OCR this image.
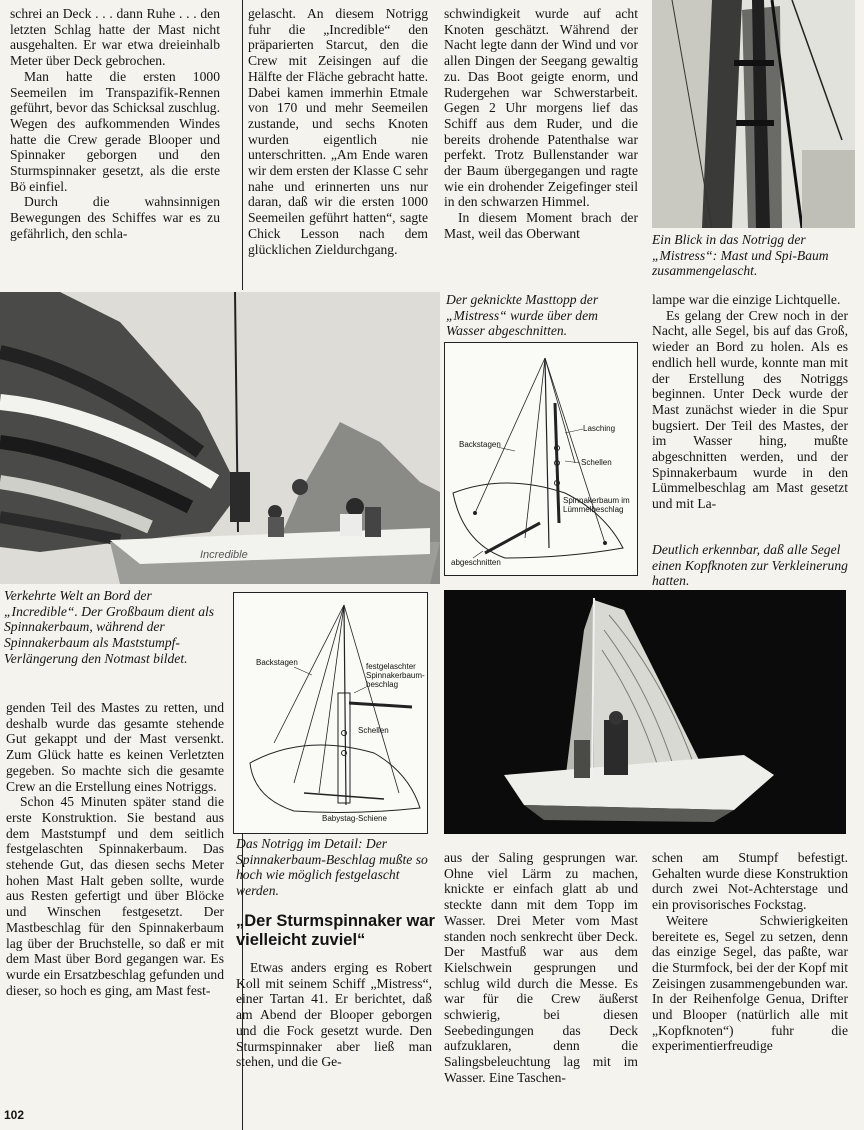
schrei an Deck . . . dann Ruhe . . . den letzten Schlag hatte der Mast nicht ausgehalten. Er war etwa dreieinhalb Meter über Deck gebrochen.

Man hatte die ersten 1000 Seemeilen im Transpazifik-Rennen geführt, bevor das Schicksal zuschlug. Wegen des aufkommenden Windes hatte die Crew gerade Blooper und Spinnaker geborgen und den Sturmspinnaker gesetzt, als die erste Bö einfiel.

Durch die wahnsinnigen Bewegungen des Schiffes war es zu gefährlich, den schla-

gelascht. An diesem Notrigg fuhr die „Incredible“ den präparierten Starcut, den die Crew mit Zeisingen auf die Hälfte der Fläche gebracht hatte. Dabei kamen immerhin Etmale von 170 und mehr Seemeilen zustande, und sechs Knoten wurden eigentlich nie unterschritten. „Am Ende waren wir dem ersten der Klasse C sehr nahe und erinnerten uns nur daran, daß wir die ersten 1000 Seemeilen geführt hatten“, sagte Chick Lesson nach dem glücklichen Zieldurchgang.

schwindigkeit wurde auf acht Knoten geschätzt. Während der Nacht legte dann der Wind und vor allen Dingen der Seegang gewaltig zu. Das Boot geigte enorm, und Rudergehen war Schwerstarbeit. Gegen 2 Uhr morgens lief das Schiff aus dem Ruder, und die bereits drohende Patenthalse war perfekt. Trotz Bullenstander war der Baum übergegangen und ragte wie ein drohender Zeigefinger steil in den schwarzen Himmel.

In diesem Moment brach der Mast, weil das Oberwant	Ein Blick in das Notrigg der „Mistress“: Mast und Spi-Baum zusammengelascht.
Incredible
Verkehrte Welt an Bord der „Incredible“. Der Großbaum dient als Spinnakerbaum, während der Spinnakerbaum als Maststumpf-Verlängerung den Notmast bildet.
Der geknickte Masttopp der „Mistress“ wurde über dem Wasser abgeschnitten.
Lasching
Backstagen
Schellen
Spinnakerbaum im Lümmelbeschlag
abgeschnitten

lampe war die einzige Lichtquelle.

Es gelang der Crew noch in der Nacht, alle Segel, bis auf das Groß, wieder an Bord zu holen. Als es endlich hell wurde, konnte man mit der Erstellung des Notriggs beginnen. Unter Deck wurde der Mast zunächst wieder in die Spur bugsiert. Der Teil des Mastes, der im Wasser hing, mußte abgeschnitten werden, und der Spinnakerbaum wurde in den Lümmelbeschlag am Mast gesetzt und mit La-

Deutlich erkennbar, daß alle Segel einen Kopfknoten zur Verkleinerung hatten.
Backstagen	festgelaschter Spinnakerbaum- beschlag
Schellen
Babystag-Schiene
Das Notrigg im Detail: Der Spinnakerbaum-Beschlag mußte so hoch wie möglich festgelascht werden.

genden Teil des Mastes zu retten, und deshalb wurde das gesamte stehende Gut gekappt und der Mast versenkt. Zum Glück hatte es keinen Verletzten gegeben. So machte sich die gesamte Crew an die Erstellung eines Notriggs.

Schon 45 Minuten später stand die erste Konstruktion. Sie bestand aus dem Maststumpf und dem seitlich festgelaschten Spinnakerbaum. Das stehende Gut, das diesen sechs Meter hohen Mast Halt geben sollte, wurde aus Resten gefertigt und über Blöcke und Winschen festgesetzt. Der Mastbeschlag für den Spinnakerbaum lag über der Bruchstelle, so daß er mit dem Mast über Bord gegangen war. Es wurde ein Ersatzbeschlag gefunden und dieser, so hoch es ging, am Mast fest-

„Der Sturmspinnaker war vielleicht zuviel“

Etwas anders erging es Robert Koll mit seinem Schiff „Mistress“, einer Tartan 41. Er berichtet, daß am Abend der Blooper geborgen und die Fock gesetzt wurde. Den Sturmspinnaker aber ließ man stehen, und die Ge-

aus der Saling gesprungen war. Ohne viel Lärm zu machen, knickte er einfach glatt ab und steckte dann mit dem Topp im Wasser. Drei Meter vom Mast standen noch senkrecht über Deck. Der Mastfuß war aus dem Kielschwein gesprungen und schlug wild durch die Messe. Es war für die Crew äußerst schwierig, bei diesen Seebedingungen das Deck aufzuklaren, denn die Salingsbeleuchtung lag mit im Wasser. Eine Taschen-

schen am Stumpf befestigt. Gehalten wurde diese Konstruktion durch zwei Not-Achterstage und ein provisorisches Fockstag.

Weitere Schwierigkeiten bereitete es, Segel zu setzen, denn das einzige Segel, das paßte, war die Sturmfock, bei der der Kopf mit Zeisingen zusammengebunden war. In der Reihenfolge Genua, Drifter und Blooper (natürlich alle mit „Kopfknoten“) fuhr die experimentierfreudige

102
